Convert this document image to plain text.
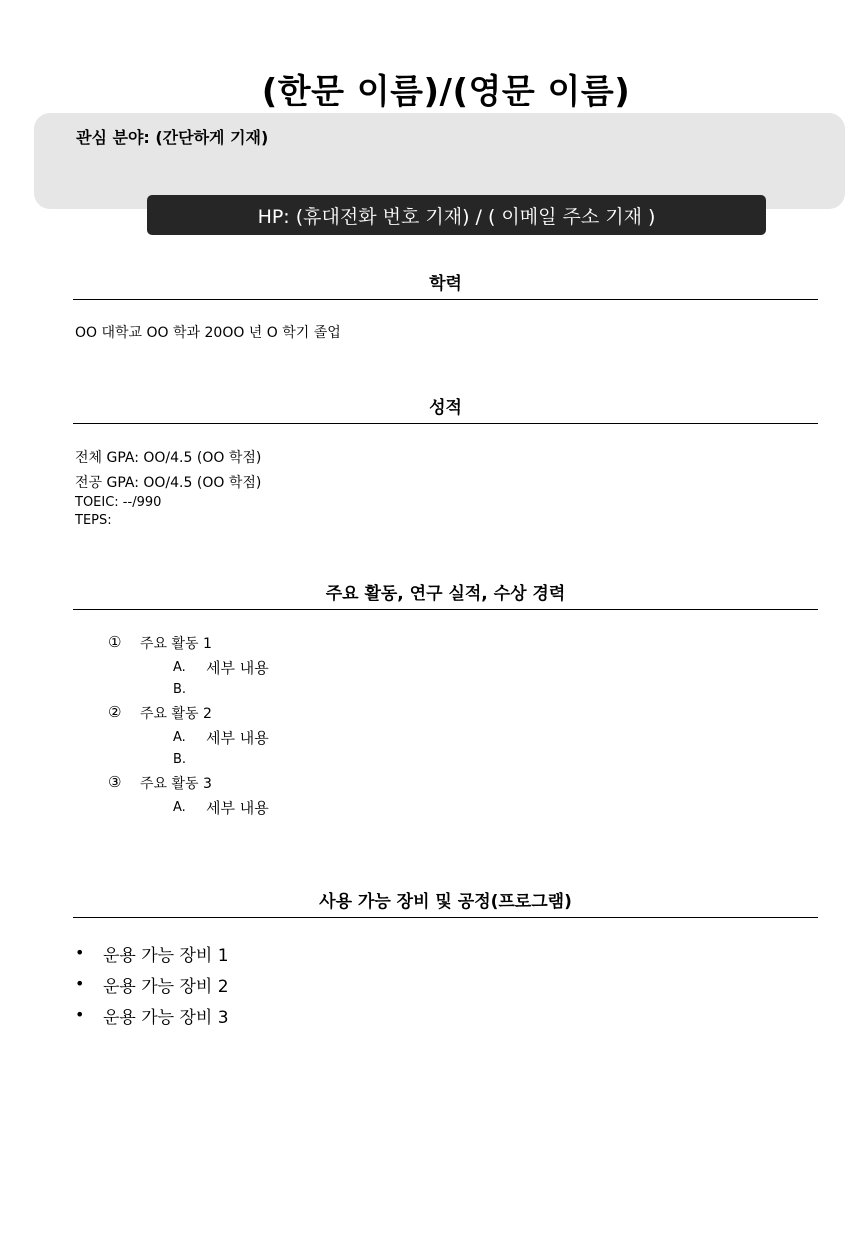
(한문 이름)/(영문 이름)
관심 분야: (간단하게 기재)
HP: (휴대전화 번호 기재) / ( 이메일 주소 기재 )
학력
OO 대학교 OO 학과 20OO 년 O 학기 졸업
성적
전체 GPA: OO/4.5 (OO 학점)
전공 GPA: OO/4.5 (OO 학점)
TOEIC: --/990
TEPS:
주요 활동, 연구 실적, 수상 경력
① 주요 활동 1
A. 세부 내용
B.
② 주요 활동 2
A. 세부 내용
B.
③ 주요 활동 3
A. 세부 내용
사용 가능 장비 및 공정(프로그램)
• 운용 가능 장비 1
• 운용 가능 장비 2
• 운용 가능 장비 3
